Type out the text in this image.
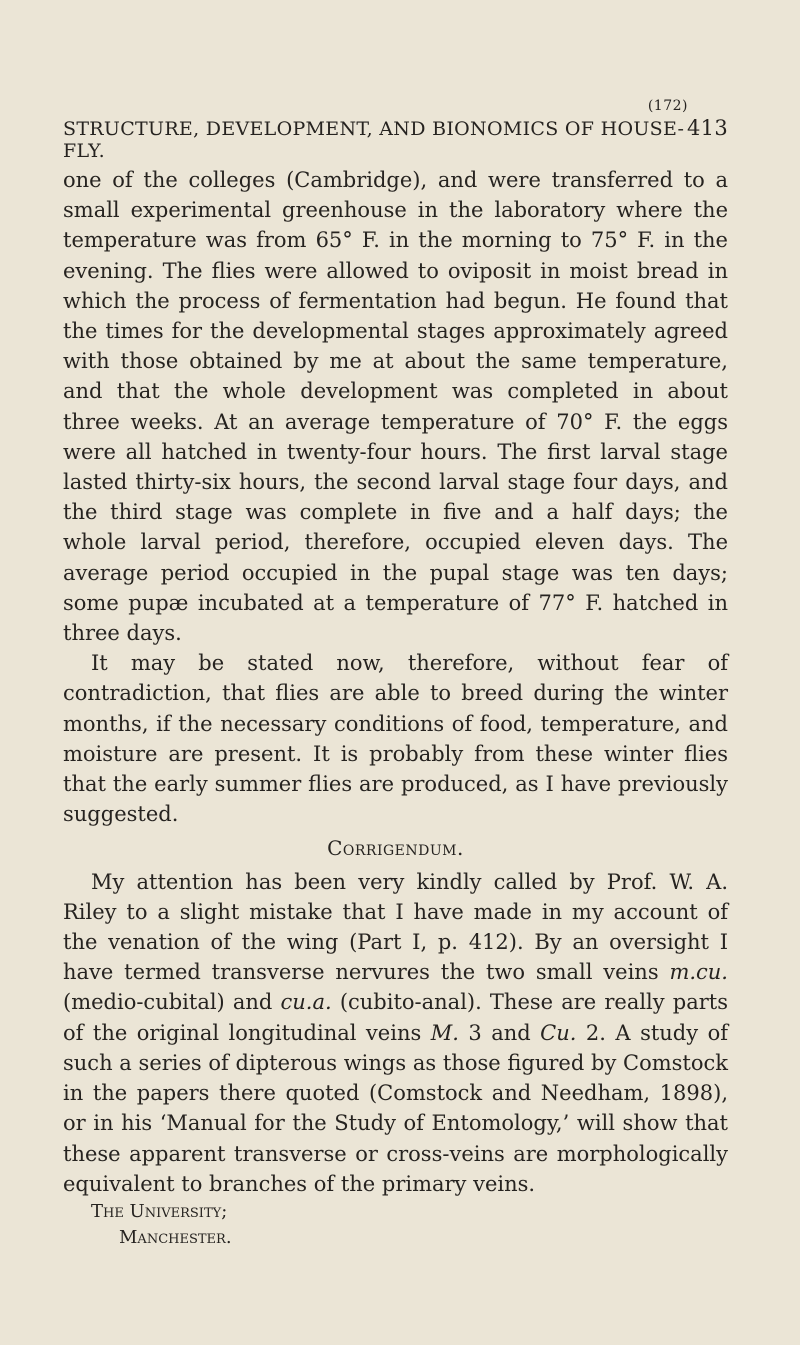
(172)
STRUCTURE, DEVELOPMENT, AND BIONOMICS OF HOUSE-FLY.
413

one of the colleges (Cambridge), and were transferred to a small experimental greenhouse in the laboratory where the temperature was from 65° F. in the morning to 75° F. in the evening. The flies were allowed to oviposit in moist bread in which the process of fermentation had begun. He found that the times for the developmental stages approximately agreed with those obtained by me at about the same temperature, and that the whole development was completed in about three weeks. At an average temperature of 70° F. the eggs were all hatched in twenty-four hours. The first larval stage lasted thirty-six hours, the second larval stage four days, and the third stage was complete in five and a half days; the whole larval period, therefore, occupied eleven days. The average period occupied in the pupal stage was ten days; some pupæ incubated at a temperature of 77° F. hatched in three days.

It may be stated now, therefore, without fear of contradiction, that flies are able to breed during the winter months, if the necessary conditions of food, temperature, and moisture are present. It is probably from these winter flies that the early summer flies are produced, as I have previously suggested.

Corrigendum.

My attention has been very kindly called by Prof. W. A. Riley to a slight mistake that I have made in my account of the venation of the wing (Part I, p. 412). By an oversight I have termed transverse nervures the two small veins m.cu. (medio-cubital) and cu.a. (cubito-anal). These are really parts of the original longitudinal veins M. 3 and Cu. 2. A study of such a series of dipterous wings as those figured by Comstock in the papers there quoted (Comstock and Needham, 1898), or in his ‘Manual for the Study of Entomology,’ will show that these apparent transverse or cross-veins are morphologically equivalent to branches of the primary veins.

The University;
Manchester.
